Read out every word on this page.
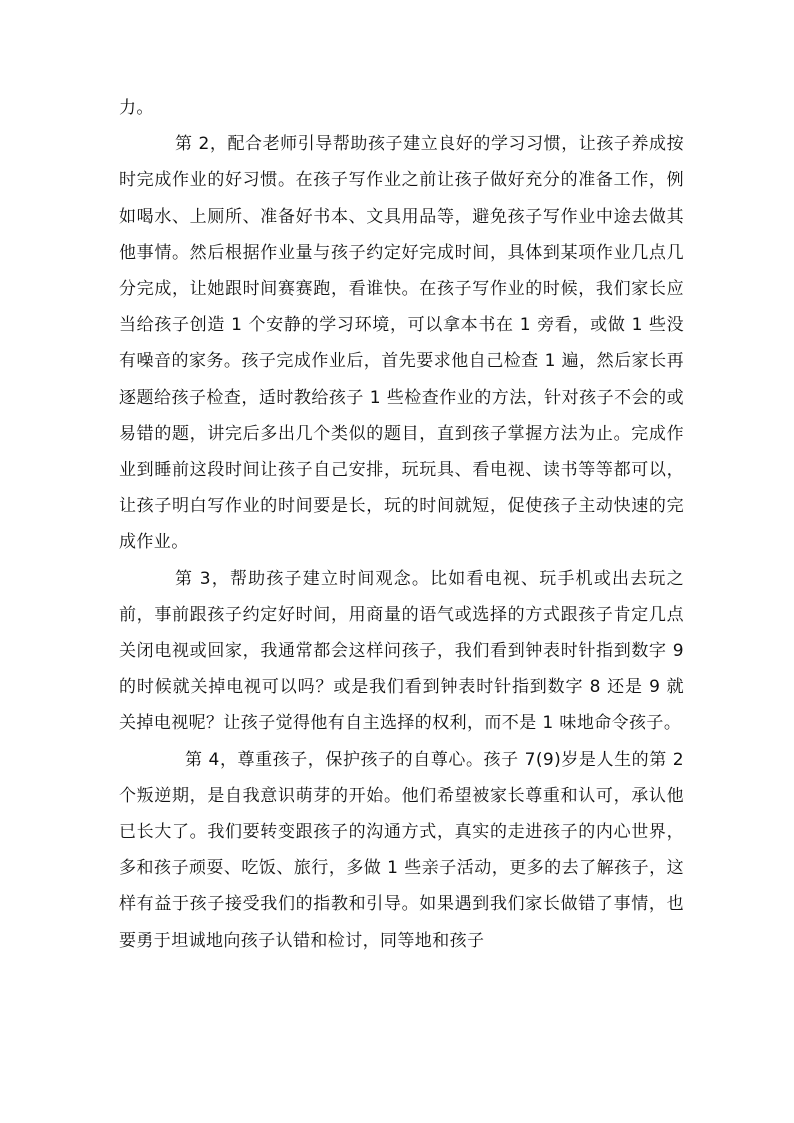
力。

第 2，配合老师引导帮助孩子建立良好的学习习惯，让孩子养成按时完成作业的好习惯。在孩子写作业之前让孩子做好充分的准备工作，例如喝水、上厕所、准备好书本、文具用品等，避免孩子写作业中途去做其他事情。然后根据作业量与孩子约定好完成时间，具体到某项作业几点几分完成，让她跟时间赛赛跑，看谁快。在孩子写作业的时候，我们家长应当给孩子创造 1 个安静的学习环境，可以拿本书在 1 旁看，或做 1 些没有噪音的家务。孩子完成作业后，首先要求他自己检查 1 遍，然后家长再逐题给孩子检查，适时教给孩子 1 些检查作业的方法，针对孩子不会的或易错的题，讲完后多出几个类似的题目，直到孩子掌握方法为止。完成作业到睡前这段时间让孩子自己安排，玩玩具、看电视、读书等等都可以，让孩子明白写作业的时间要是长，玩的时间就短，促使孩子主动快速的完成作业。

第 3，帮助孩子建立时间观念。比如看电视、玩手机或出去玩之前，事前跟孩子约定好时间，用商量的语气或选择的方式跟孩子肯定几点关闭电视或回家，我通常都会这样问孩子，我们看到钟表时针指到数字 9 的时候就关掉电视可以吗？或是我们看到钟表时针指到数字 8 还是 9 就关掉电视呢？让孩子觉得他有自主选择的权利，而不是 1 味地命令孩子。

第 4，尊重孩子，保护孩子的自尊心。孩子 7(9)岁是人生的第 2 个叛逆期，是自我意识萌芽的开始。他们希望被家长尊重和认可，承认他已长大了。我们要转变跟孩子的沟通方式，真实的走进孩子的内心世界，多和孩子顽耍、吃饭、旅行，多做 1 些亲子活动，更多的去了解孩子，这样有益于孩子接受我们的指教和引导。如果遇到我们家长做错了事情，也要勇于坦诚地向孩子认错和检讨，同等地和孩子
